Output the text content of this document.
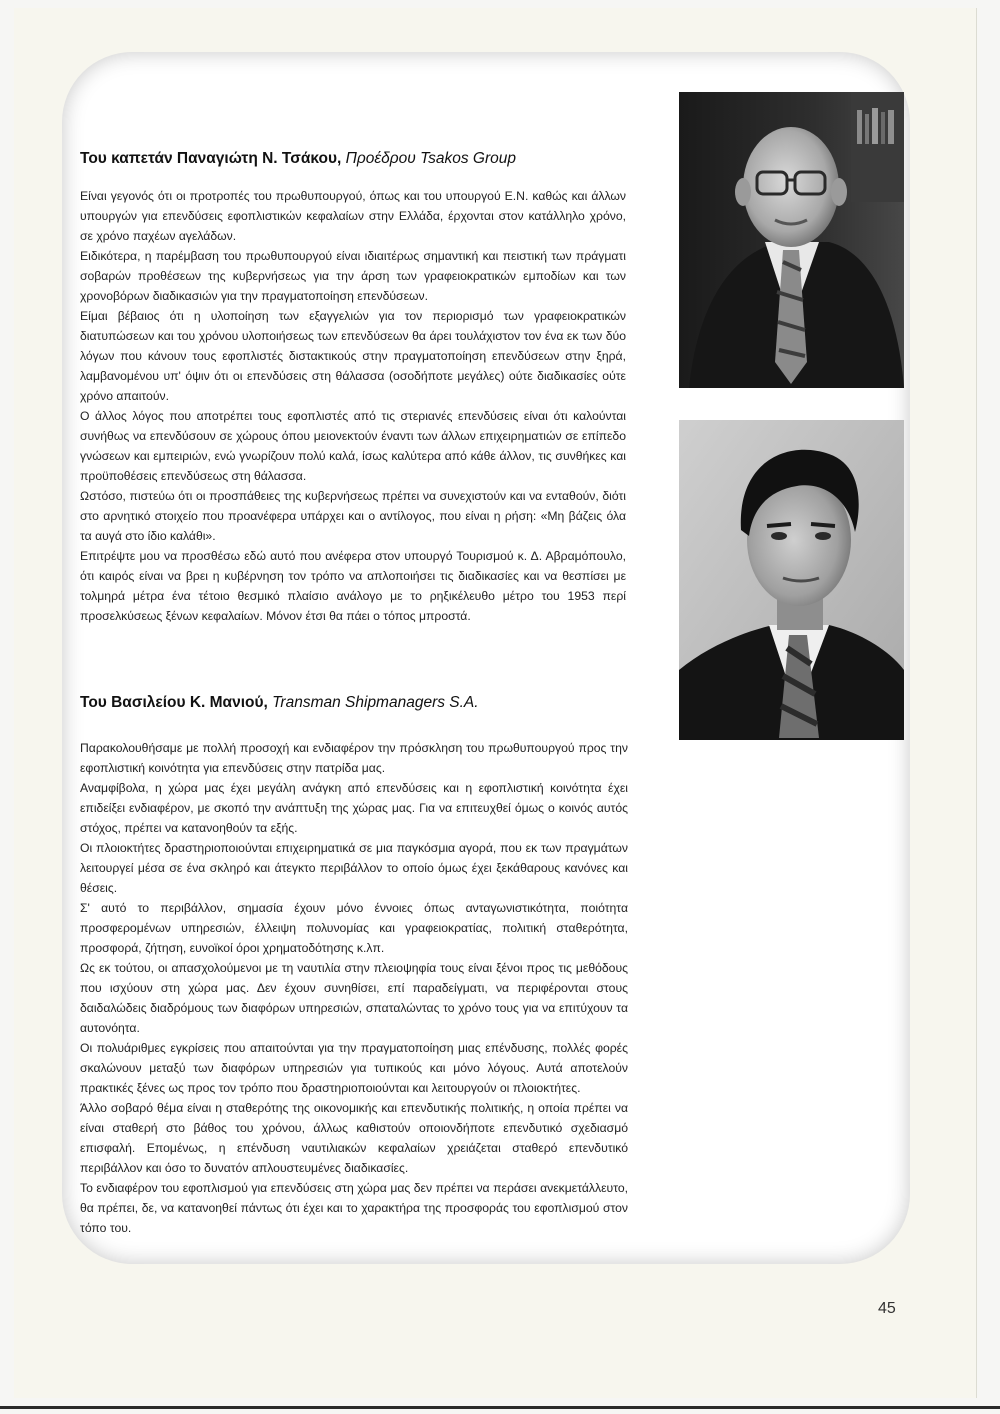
Του καπετάν Παναγιώτη Ν. Τσάκου, Προέδρου Tsakos Group

Είναι γεγονός ότι οι προτροπές του πρωθυπουργού, όπως και του υπουργού Ε.Ν. καθώς και άλλων υπουργών για επενδύσεις εφοπλιστικών κεφαλαίων στην Ελλάδα, έρχονται στον κατάλληλο χρόνο, σε χρόνο παχέων αγελάδων.

Ειδικότερα, η παρέμβαση του πρωθυπουργού είναι ιδιαιτέρως σημαντική και πειστική των πράγματι σοβαρών προθέσεων της κυβερνήσεως για την άρση των γραφειοκρατικών εμποδίων και των χρονοβόρων διαδικασιών για την πραγματοποίηση επενδύσεων.

Είμαι βέβαιος ότι η υλοποίηση των εξαγγελιών για τον περιορισμό των γραφειοκρατικών διατυπώσεων και του χρόνου υλοποιήσεως των επενδύσεων θα άρει τουλάχιστον τον ένα εκ των δύο λόγων που κάνουν τους εφοπλιστές διστακτικούς στην πραγματοποίηση επενδύσεων στην ξηρά, λαμβανομένου υπ' όψιν ότι οι επενδύσεις στη θάλασσα (οσοδήποτε μεγάλες) ούτε διαδικασίες ούτε χρόνο απαιτούν.

Ο άλλος λόγος που αποτρέπει τους εφοπλιστές από τις στεριανές επενδύσεις είναι ότι καλούνται συνήθως να επενδύσουν σε χώρους όπου μειονεκτούν έναντι των άλλων επιχειρηματιών σε επίπεδο γνώσεων και εμπειριών, ενώ γνωρίζουν πολύ καλά, ίσως καλύτερα από κάθε άλλον, τις συνθήκες και προϋποθέσεις επενδύσεως στη θάλασσα.

Ωστόσο, πιστεύω ότι οι προσπάθειες της κυβερνήσεως πρέπει να συνεχιστούν και να ενταθούν, διότι στο αρνητικό στοιχείο που προανέφερα υπάρχει και ο αντίλογος, που είναι η ρήση: «Μη βάζεις όλα τα αυγά στο ίδιο καλάθι».

Επιτρέψτε μου να προσθέσω εδώ αυτό που ανέφερα στον υπουργό Τουρισμού κ. Δ. Αβραμόπουλο, ότι καιρός είναι να βρει η κυβέρνηση τον τρόπο να απλοποιήσει τις διαδικασίες και να θεσπίσει με τολμηρά μέτρα ένα τέτοιο θεσμικό πλαίσιο ανάλογο με το ρηξικέλευθο μέτρο του 1953 περί προσελκύσεως ξένων κεφαλαίων. Μόνον έτσι θα πάει ο τόπος μπροστά.

Του Βασιλείου Κ. Μανιού, Transman Shipmanagers S.A.

Παρακολουθήσαμε με πολλή προσοχή και ενδιαφέρον την πρόσκληση του πρωθυπουργού προς την εφοπλιστική κοινότητα για επενδύσεις στην πατρίδα μας.

Αναμφίβολα, η χώρα μας έχει μεγάλη ανάγκη από επενδύσεις και η εφοπλιστική κοινότητα έχει επιδείξει ενδιαφέρον, με σκοπό την ανάπτυξη της χώρας μας. Για να επιτευχθεί όμως ο κοινός αυτός στόχος, πρέπει να κατανοηθούν τα εξής.

Οι πλοιοκτήτες δραστηριοποιούνται επιχειρηματικά σε μια παγκόσμια αγορά, που εκ των πραγμάτων λειτουργεί μέσα σε ένα σκληρό και άτεγκτο περιβάλλον το οποίο όμως έχει ξεκάθαρους κανόνες και θέσεις.

Σ' αυτό το περιβάλλον, σημασία έχουν μόνο έννοιες όπως ανταγωνιστικότητα, ποιότητα προσφερομένων υπηρεσιών, έλλειψη πολυνομίας και γραφειοκρατίας, πολιτική σταθερότητα, προσφορά, ζήτηση, ευνοϊκοί όροι χρηματοδότησης κ.λπ.

Ως εκ τούτου, οι απασχολούμενοι με τη ναυτιλία στην πλειοψηφία τους είναι ξένοι προς τις μεθόδους που ισχύουν στη χώρα μας. Δεν έχουν συνηθίσει, επί παραδείγματι, να περιφέρονται στους δαιδαλώδεις διαδρόμους των διαφόρων υπηρεσιών, σπαταλώντας το χρόνο τους για να επιτύχουν τα αυτονόητα.

Οι πολυάριθμες εγκρίσεις που απαιτούνται για την πραγματοποίηση μιας επένδυσης, πολλές φορές σκαλώνουν μεταξύ των διαφόρων υπηρεσιών για τυπικούς και μόνο λόγους. Αυτά αποτελούν πρακτικές ξένες ως προς τον τρόπο που δραστηριοποιούνται και λειτουργούν οι πλοιοκτήτες.

Άλλο σοβαρό θέμα είναι η σταθερότης της οικονομικής και επενδυτικής πολιτικής, η οποία πρέπει να είναι σταθερή στο βάθος του χρόνου, άλλως καθιστούν οποιονδήποτε επενδυτικό σχεδιασμό επισφαλή. Επομένως, η επένδυση ναυτιλιακών κεφαλαίων χρειάζεται σταθερό επενδυτικό περιβάλλον και όσο το δυνατόν απλουστευμένες διαδικασίες.

Το ενδιαφέρον του εφοπλισμού για επενδύσεις στη χώρα μας δεν πρέπει να περάσει ανεκμετάλλευτο, θα πρέπει, δε, να κατανοηθεί πάντως ότι έχει και το χαρακτήρα της προσφοράς του εφοπλισμού στον τόπο του.

45
